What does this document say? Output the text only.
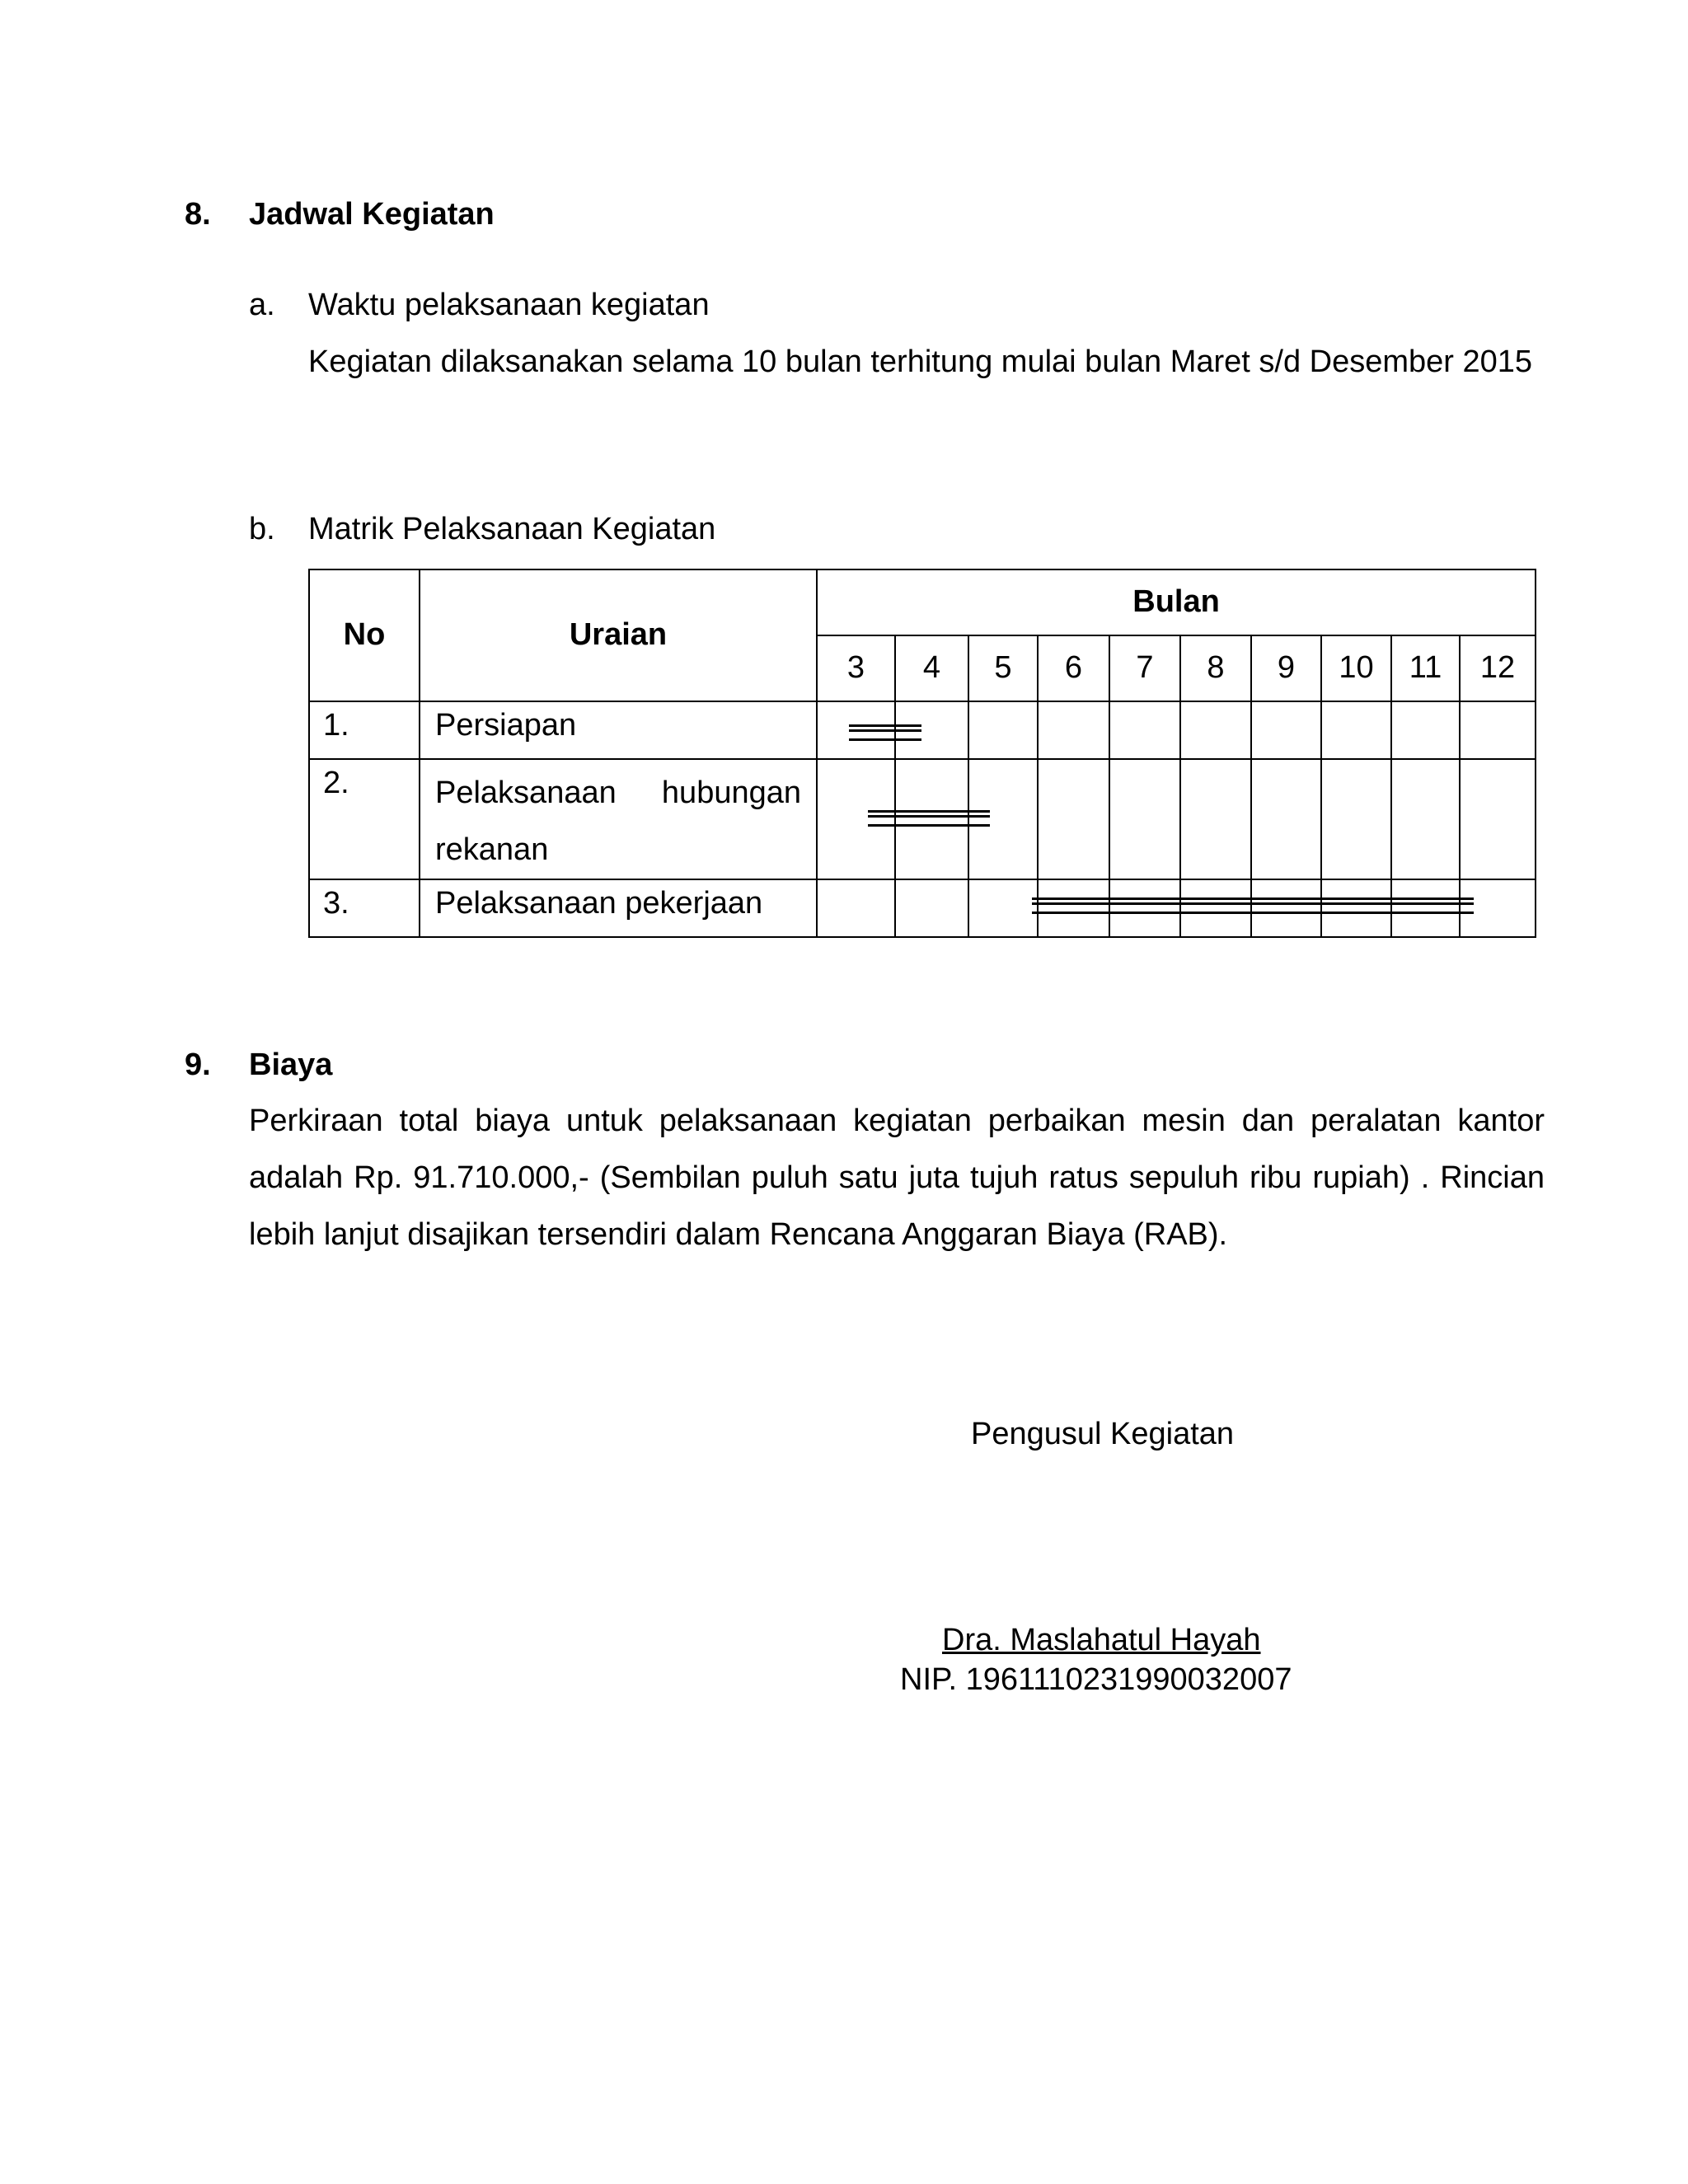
8. Jadwal Kegiatan
a. Waktu pelaksanaan kegiatan
Kegiatan dilaksanakan selama 10 bulan terhitung mulai bulan Maret s/d Desember 2015
b. Matrik Pelaksanaan Kegiatan
No	Uraian	Bulan									
		3	4	5	6	7	8	9	10	11	12
1.	Persiapan										
2.	Pelaksanaan hubungan rekanan										
3.	Pelaksanaan pekerjaan										
9. Biaya
Perkiraan total biaya untuk pelaksanaan kegiatan perbaikan mesin dan peralatan kantor adalah Rp. 91.710.000,- (Sembilan puluh satu juta tujuh ratus sepuluh ribu rupiah) . Rincian lebih lanjut disajikan tersendiri dalam Rencana Anggaran Biaya (RAB).
Pengusul Kegiatan
Dra. Maslahatul Hayah
NIP. 1961110231990032007
